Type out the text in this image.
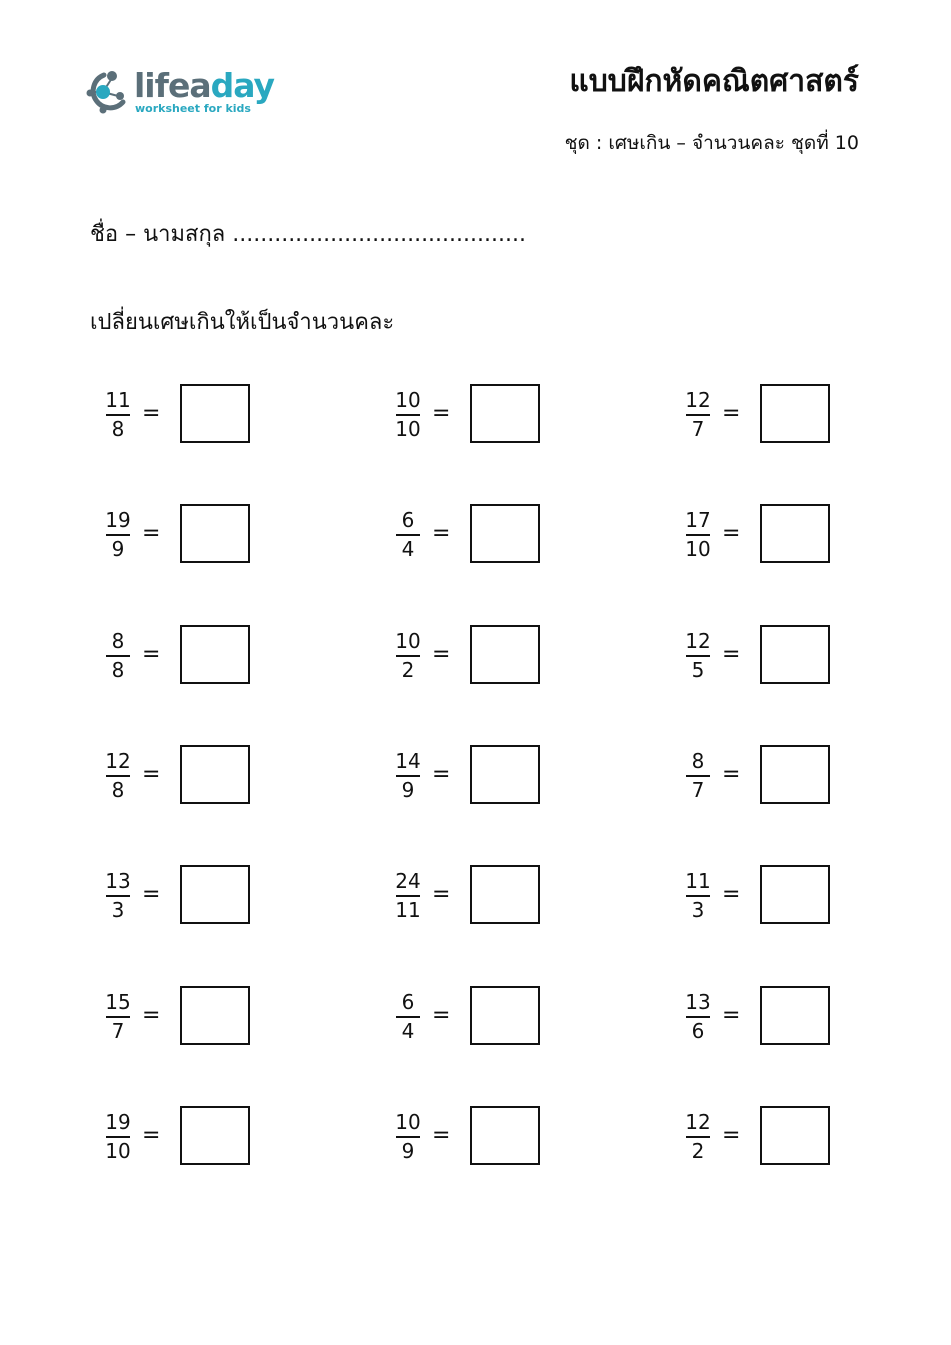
lifeaday
worksheet for kids
แบบฝึกหัดคณิตศาสตร์
ชุด : เศษเกิน – จำนวนคละ ชุดที่ 10
ชื่อ – นามสกุล ..........................................
เปลี่ยนเศษเกินให้เป็นจำนวนคละ
11
8
=
10
10
=
12
7
=
19
9
=
6
4
=
17
10
=
8
8
=
10
2
=
12
5
=
12
8
=
14
9
=
8
7
=
13
3
=
24
11
=
11
3
=
15
7
=
6
4
=
13
6
=
19
10
=
10
9
=
12
2
=
